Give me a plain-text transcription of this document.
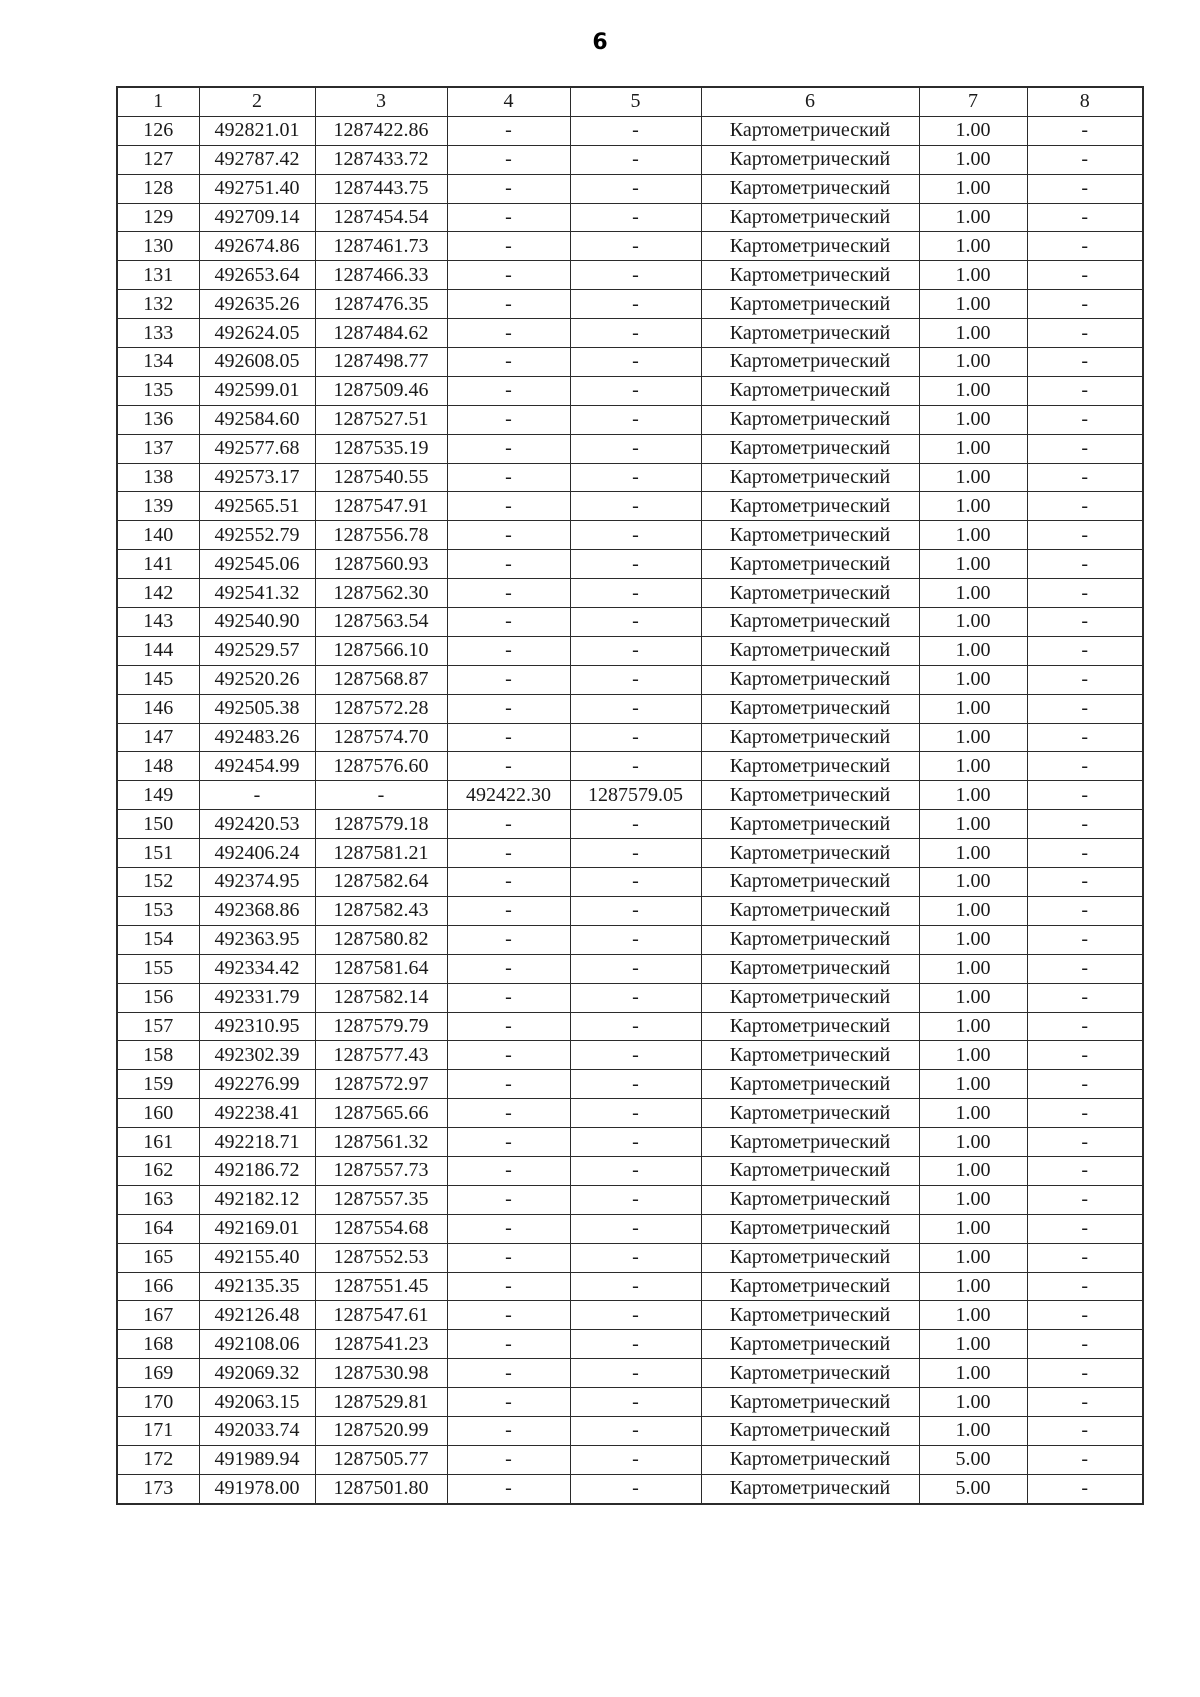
6
1	2	3	4	5	6	7	8
126	492821.01	1287422.86	-	-	Картометрический	1.00	-
127	492787.42	1287433.72	-	-	Картометрический	1.00	-
128	492751.40	1287443.75	-	-	Картометрический	1.00	-
129	492709.14	1287454.54	-	-	Картометрический	1.00	-
130	492674.86	1287461.73	-	-	Картометрический	1.00	-
131	492653.64	1287466.33	-	-	Картометрический	1.00	-
132	492635.26	1287476.35	-	-	Картометрический	1.00	-
133	492624.05	1287484.62	-	-	Картометрический	1.00	-
134	492608.05	1287498.77	-	-	Картометрический	1.00	-
135	492599.01	1287509.46	-	-	Картометрический	1.00	-
136	492584.60	1287527.51	-	-	Картометрический	1.00	-
137	492577.68	1287535.19	-	-	Картометрический	1.00	-
138	492573.17	1287540.55	-	-	Картометрический	1.00	-
139	492565.51	1287547.91	-	-	Картометрический	1.00	-
140	492552.79	1287556.78	-	-	Картометрический	1.00	-
141	492545.06	1287560.93	-	-	Картометрический	1.00	-
142	492541.32	1287562.30	-	-	Картометрический	1.00	-
143	492540.90	1287563.54	-	-	Картометрический	1.00	-
144	492529.57	1287566.10	-	-	Картометрический	1.00	-
145	492520.26	1287568.87	-	-	Картометрический	1.00	-
146	492505.38	1287572.28	-	-	Картометрический	1.00	-
147	492483.26	1287574.70	-	-	Картометрический	1.00	-
148	492454.99	1287576.60	-	-	Картометрический	1.00	-
149	-	-	492422.30	1287579.05	Картометрический	1.00	-
150	492420.53	1287579.18	-	-	Картометрический	1.00	-
151	492406.24	1287581.21	-	-	Картометрический	1.00	-
152	492374.95	1287582.64	-	-	Картометрический	1.00	-
153	492368.86	1287582.43	-	-	Картометрический	1.00	-
154	492363.95	1287580.82	-	-	Картометрический	1.00	-
155	492334.42	1287581.64	-	-	Картометрический	1.00	-
156	492331.79	1287582.14	-	-	Картометрический	1.00	-
157	492310.95	1287579.79	-	-	Картометрический	1.00	-
158	492302.39	1287577.43	-	-	Картометрический	1.00	-
159	492276.99	1287572.97	-	-	Картометрический	1.00	-
160	492238.41	1287565.66	-	-	Картометрический	1.00	-
161	492218.71	1287561.32	-	-	Картометрический	1.00	-
162	492186.72	1287557.73	-	-	Картометрический	1.00	-
163	492182.12	1287557.35	-	-	Картометрический	1.00	-
164	492169.01	1287554.68	-	-	Картометрический	1.00	-
165	492155.40	1287552.53	-	-	Картометрический	1.00	-
166	492135.35	1287551.45	-	-	Картометрический	1.00	-
167	492126.48	1287547.61	-	-	Картометрический	1.00	-
168	492108.06	1287541.23	-	-	Картометрический	1.00	-
169	492069.32	1287530.98	-	-	Картометрический	1.00	-
170	492063.15	1287529.81	-	-	Картометрический	1.00	-
171	492033.74	1287520.99	-	-	Картометрический	1.00	-
172	491989.94	1287505.77	-	-	Картометрический	5.00	-
173	491978.00	1287501.80	-	-	Картометрический	5.00	-
